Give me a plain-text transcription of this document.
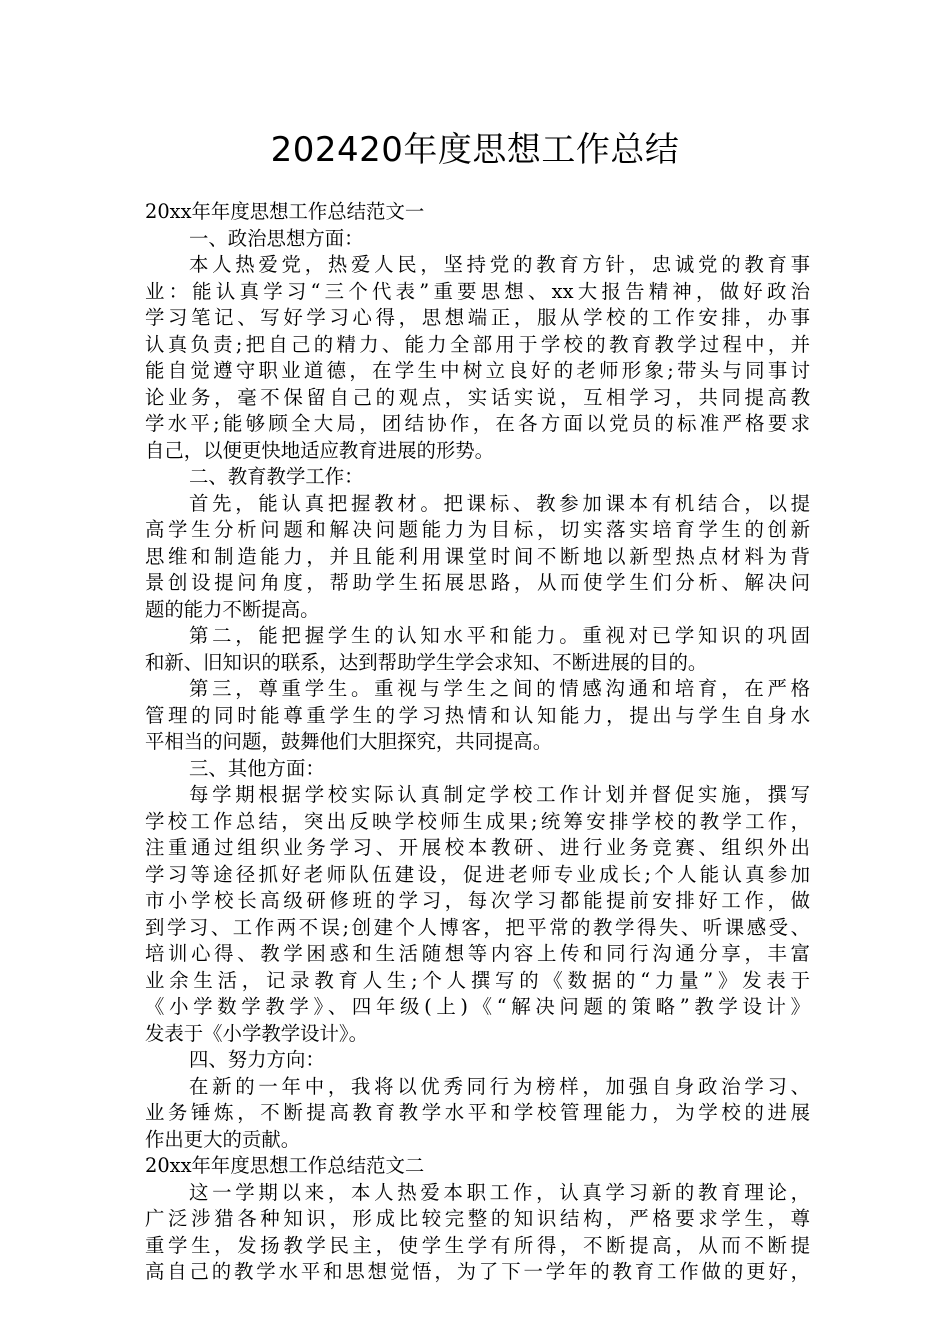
202420年度思想工作总结
20xx年年度思想工作总结范文一
一、政治思想方面：
本人热爱党，热爱人民，坚持党的教育方针，忠诚党的教育事
业：能认真学习“三个代表”重要思想、xx大报告精神，做好政治
学习笔记、写好学习心得，思想端正，服从学校的工作安排，办事
认真负责;把自己的精力、能力全部用于学校的教育教学过程中，并
能自觉遵守职业道德，在学生中树立良好的老师形象;带头与同事讨
论业务，毫不保留自己的观点，实话实说，互相学习，共同提高教
学水平;能够顾全大局，团结协作，在各方面以党员的标准严格要求
自己，以便更快地适应教育进展的形势。
二、教育教学工作：
首先，能认真把握教材。把课标、教参加课本有机结合，以提
高学生分析问题和解决问题能力为目标，切实落实培育学生的创新
思维和制造能力，并且能利用课堂时间不断地以新型热点材料为背
景创设提问角度，帮助学生拓展思路，从而使学生们分析、解决问
题的能力不断提高。
第二，能把握学生的认知水平和能力。重视对已学知识的巩固
和新、旧知识的联系，达到帮助学生学会求知、不断进展的目的。
第三，尊重学生。重视与学生之间的情感沟通和培育，在严格
管理的同时能尊重学生的学习热情和认知能力，提出与学生自身水
平相当的问题，鼓舞他们大胆探究，共同提高。
三、其他方面：
每学期根据学校实际认真制定学校工作计划并督促实施，撰写
学校工作总结，突出反映学校师生成果;统筹安排学校的教学工作，
注重通过组织业务学习、开展校本教研、进行业务竞赛、组织外出
学习等途径抓好老师队伍建设，促进老师专业成长;个人能认真参加
市小学校长高级研修班的学习，每次学习都能提前安排好工作，做
到学习、工作两不误;创建个人博客，把平常的教学得失、听课感受、
培训心得、教学困惑和生活随想等内容上传和同行沟通分享，丰富
业余生活，记录教育人生;个人撰写的《数据的“力量”》发表于
《小学数学教学》、四年级(上)《“解决问题的策略”教学设计》
发表于《小学教学设计》。
四、努力方向：
在新的一年中，我将以优秀同行为榜样，加强自身政治学习、
业务锤炼，不断提高教育教学水平和学校管理能力，为学校的进展
作出更大的贡献。
20xx年年度思想工作总结范文二
这一学期以来，本人热爱本职工作，认真学习新的教育理论，
广泛涉猎各种知识，形成比较完整的知识结构，严格要求学生，尊
重学生，发扬教学民主，使学生学有所得，不断提高，从而不断提
高自己的教学水平和思想觉悟，为了下一学年的教育工作做的更好，
